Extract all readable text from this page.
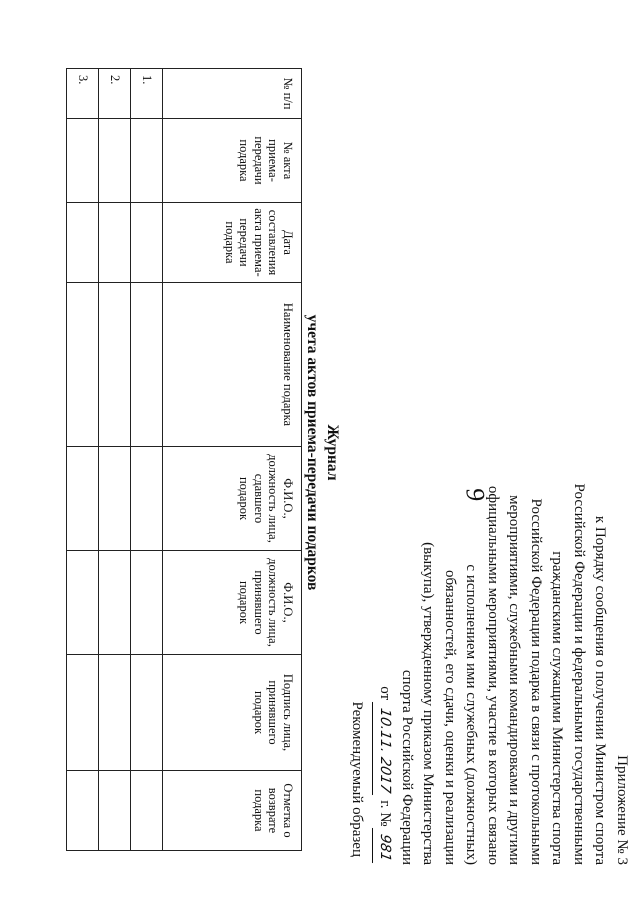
9
Приложение № 3
к Порядку сообщения о получении Министром спорта
Российской Федерации и федеральными государственными
гражданскими служащими Министерства спорта
Российской Федерации подарка в связи с протокольными
мероприятиями, служебными командировками и другими
официальными мероприятиями, участие в которых связано
с исполнением ими служебных (должностных)
обязанностей, его сдачи, оценки и реализации
(выкупа), утвержденному приказом Министерства
спорта Российской Федерации
от 10.11. 2017 г. № 981
Рекомендуемый образец
Журнал
учета актов приема-передачи подарков
№ п/п	№ акта приема-передачи подарка	Дата составления акта приема-передачи подарка	Наименование подарка	Ф.И.О., должность лица, сдавшего подарок	Ф.И.О., должность лица, принявшего подарок	Подпись лица, принявшего подарок	Отметка о возврате подарка
1.							
2.							
3.							
